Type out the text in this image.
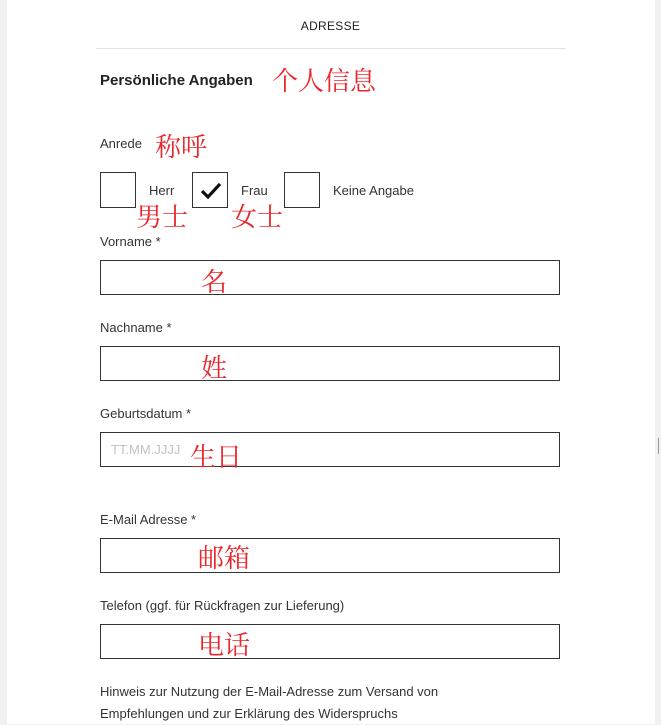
ADRESSE
Persönliche Angaben
Anrede
Herr	Frau	Keine Angabe
Vorname *
Nachname *
Geburtsdatum *
TT.MM.JJJJ
E-Mail Adresse *
Telefon (ggf. für Rückfragen zur Lieferung)
Hinweis zur Nutzung der E-Mail-Adresse zum Versand von
Empfehlungen und zur Erklärung des Widerspruchs
个人信息
称呼
男士 女士
名
姓
生日
邮箱
电话
